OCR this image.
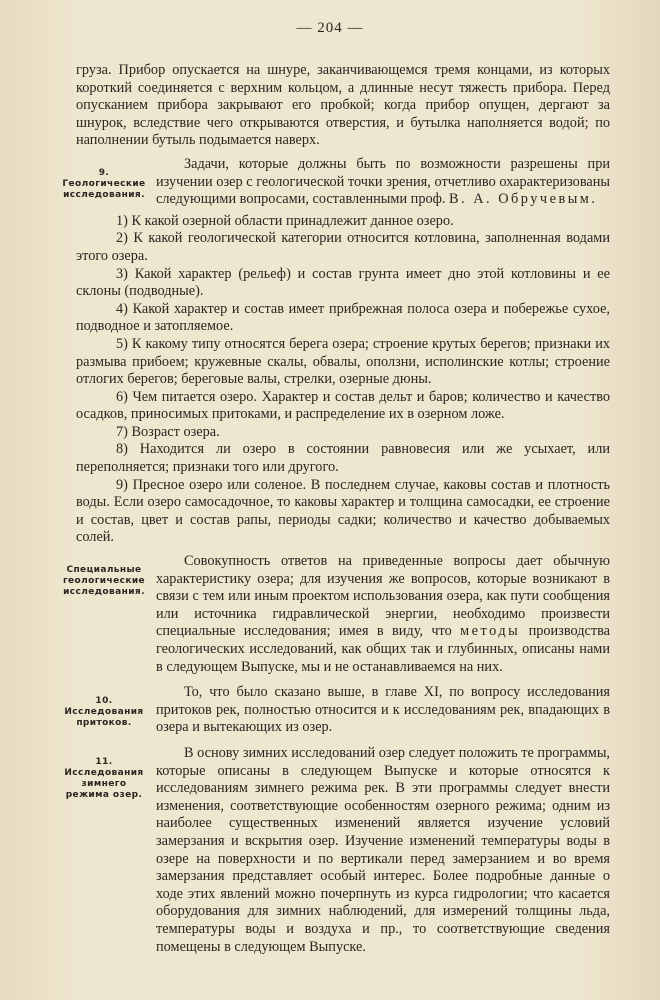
— 204 —

груза. Прибор опускается на шнуре, заканчивающемся тремя концами, из которых короткий соединяется с верхним кольцом, а длинные несут тяжесть прибора. Перед опусканием прибора закрывают его пробкой; когда прибор опущен, дергают за шнурок, вследствие чего открываются отверстия, и бутылка наполняется водой; по наполнении бутыль подымается наверх.

9. Геологические исследования.
Задачи, которые должны быть по возможности разрешены при изучении озер с геологической точки зрения, отчетливо охарактеризованы следующими вопросами, составленными проф. В. А. Обручевым.

1) К какой озерной области принадлежит данное озеро.

2) К какой геологической категории относится котловина, заполненная водами этого озера.

3) Какой характер (рельеф) и состав грунта имеет дно этой котловины и ее склоны (подводные).

4) Какой характер и состав имеет прибрежная полоса озера и побережье сухое, подводное и затопляемое.

5) К какому типу относятся берега озера; строение крутых берегов; признаки их размыва прибоем; кружевные скалы, обвалы, оползни, исполинские котлы; строение отлогих берегов; береговые валы, стрелки, озерные дюны.

6) Чем питается озеро. Характер и состав дельт и баров; количество и качество осадков, приносимых притоками, и распределение их в озерном ложе.

7) Возраст озера.

8) Находится ли озеро в состоянии равновесия или же усыхает, или переполняется; признаки того или другого.

9) Пресное озеро или соленое. В последнем случае, каковы состав и плотность воды. Если озеро самосадочное, то каковы характер и толщина самосадки, ее строение и состав, цвет и состав рапы, периоды садки; количество и качество добываемых солей.

Специальные геологические исследования.
Совокупность ответов на приведенные вопросы дает обычную характеристику озера; для изучения же вопросов, которые возникают в связи с тем или иным проектом использования озера, как пути сообщения или источника гидравлической энергии, необходимо произвести специальные исследования; имея в виду, что методы производства геологических исследований, как общих так и глубинных, описаны нами в следующем Выпуске, мы и не останавливаемся на них.
10. Исследования притоков.
То, что было сказано выше, в главе XI, по вопросу исследования притоков рек, полностью относится и к исследованиям рек, впадающих в озера и вытекающих из озер.
11. Исследования зимнего режима озер.
В основу зимних исследований озер следует положить те программы, которые описаны в следующем Выпуске и которые относятся к исследованиям зимнего режима рек. В эти программы следует внести изменения, соответствующие особенностям озерного режима; одним из наиболее существенных изменений является изучение условий замерзания и вскрытия озер. Изучение изменений температуры воды в озере на поверхности и по вертикали перед замерзанием и во время замерзания представляет особый интерес. Более подробные данные о ходе этих явлений можно почерпнуть из курса гидрологии; что касается оборудования для зимних наблюдений, для измерений толщины льда, температуры воды и воздуха и пр., то соответствующие сведения помещены в следующем Выпуске.
